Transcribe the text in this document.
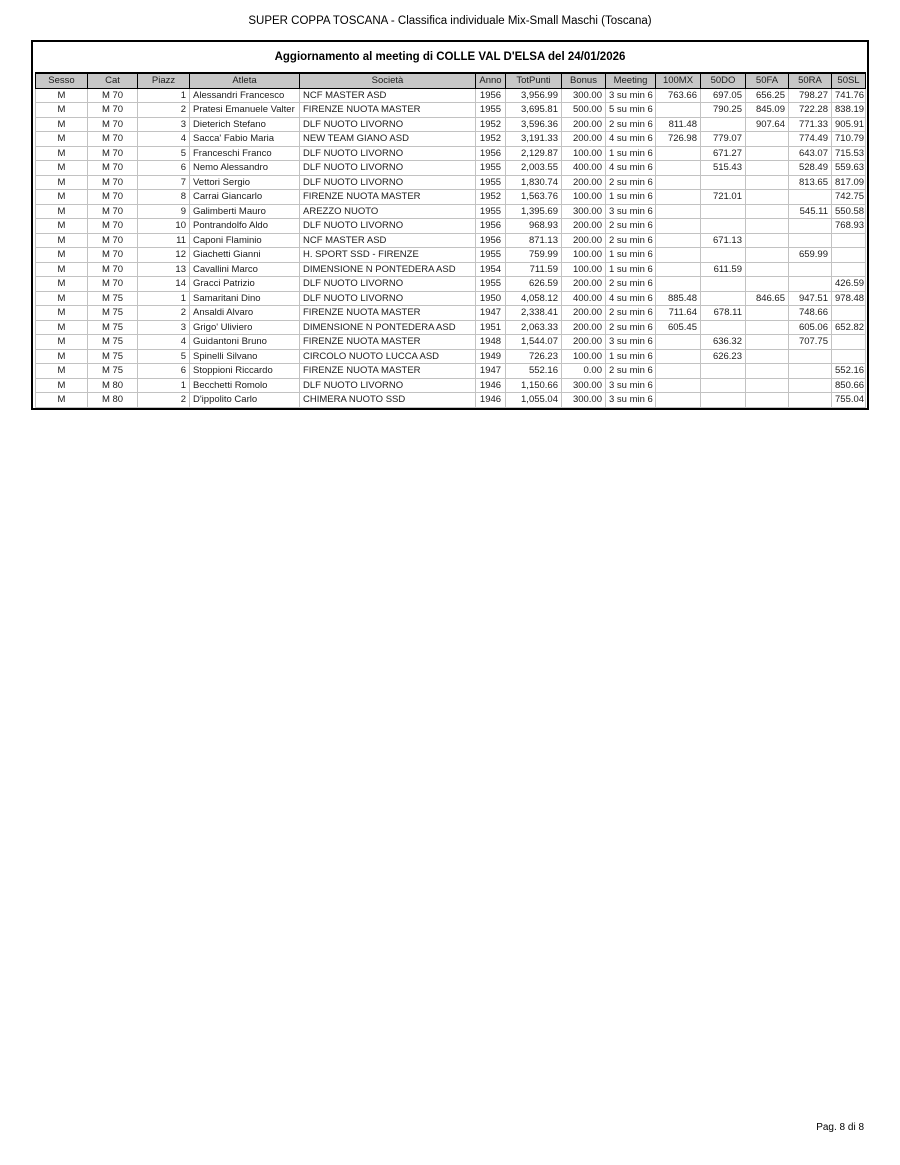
SUPER COPPA TOSCANA - Classifica individuale Mix-Small Maschi (Toscana)
Aggiornamento al meeting di COLLE VAL D'ELSA del 24/01/2026
Sesso	Cat	Piazz	Atleta	Società	Anno	TotPunti	Bonus	Meeting	100MX	50DO	50FA	50RA	50SL
M	M 70	1	Alessandri Francesco	NCF MASTER ASD	1956	3,956.99	300.00	3 su min 6	763.66	697.05	656.25	798.27	741.76
M	M 70	2	Pratesi Emanuele Valter	FIRENZE NUOTA MASTER	1955	3,695.81	500.00	5 su min 6		790.25	845.09	722.28	838.19
M	M 70	3	Dieterich Stefano	DLF NUOTO LIVORNO	1952	3,596.36	200.00	2 su min 6	811.48		907.64	771.33	905.91
M	M 70	4	Sacca' Fabio Maria	NEW TEAM GIANO ASD	1952	3,191.33	200.00	4 su min 6	726.98	779.07		774.49	710.79
M	M 70	5	Franceschi Franco	DLF NUOTO LIVORNO	1956	2,129.87	100.00	1 su min 6		671.27		643.07	715.53
M	M 70	6	Nemo Alessandro	DLF NUOTO LIVORNO	1955	2,003.55	400.00	4 su min 6		515.43		528.49	559.63
M	M 70	7	Vettori Sergio	DLF NUOTO LIVORNO	1955	1,830.74	200.00	2 su min 6				813.65	817.09
M	M 70	8	Carrai Giancarlo	FIRENZE NUOTA MASTER	1952	1,563.76	100.00	1 su min 6		721.01			742.75
M	M 70	9	Galimberti Mauro	AREZZO NUOTO	1955	1,395.69	300.00	3 su min 6				545.11	550.58
M	M 70	10	Pontrandolfo Aldo	DLF NUOTO LIVORNO	1956	968.93	200.00	2 su min 6					768.93
M	M 70	11	Caponi Flaminio	NCF MASTER ASD	1956	871.13	200.00	2 su min 6		671.13			
M	M 70	12	Giachetti Gianni	H. SPORT SSD - FIRENZE	1955	759.99	100.00	1 su min 6				659.99	
M	M 70	13	Cavallini Marco	DIMENSIONE N PONTEDERA ASD	1954	711.59	100.00	1 su min 6		611.59			
M	M 70	14	Gracci Patrizio	DLF NUOTO LIVORNO	1955	626.59	200.00	2 su min 6					426.59
M	M 75	1	Samaritani Dino	DLF NUOTO LIVORNO	1950	4,058.12	400.00	4 su min 6	885.48		846.65	947.51	978.48
M	M 75	2	Ansaldi Alvaro	FIRENZE NUOTA MASTER	1947	2,338.41	200.00	2 su min 6	711.64	678.11		748.66	
M	M 75	3	Grigo' Uliviero	DIMENSIONE N PONTEDERA ASD	1951	2,063.33	200.00	2 su min 6	605.45			605.06	652.82
M	M 75	4	Guidantoni Bruno	FIRENZE NUOTA MASTER	1948	1,544.07	200.00	3 su min 6		636.32		707.75	
M	M 75	5	Spinelli Silvano	CIRCOLO NUOTO LUCCA ASD	1949	726.23	100.00	1 su min 6		626.23			
M	M 75	6	Stoppioni Riccardo	FIRENZE NUOTA MASTER	1947	552.16	0.00	2 su min 6					552.16
M	M 80	1	Becchetti Romolo	DLF NUOTO LIVORNO	1946	1,150.66	300.00	3 su min 6					850.66
M	M 80	2	D'ippolito Carlo	CHIMERA NUOTO SSD	1946	1,055.04	300.00	3 su min 6					755.04
Pag. 8 di 8
